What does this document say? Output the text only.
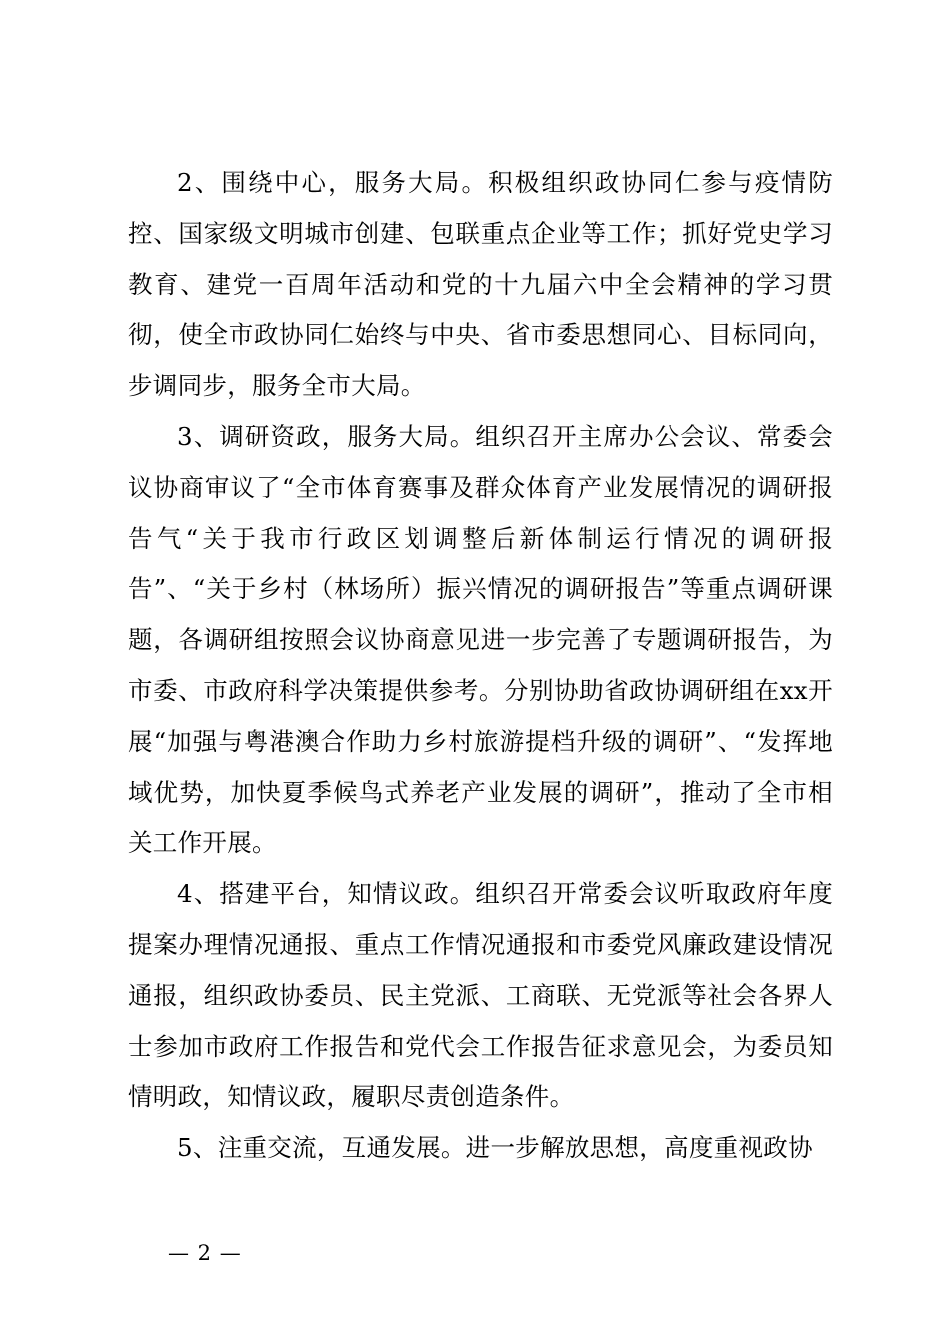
2、围绕中心，服务大局。积极组织政协同仁参与疫情防控、国家级文明城市创建、包联重点企业等工作；抓好党史学习教育、建党一百周年活动和党的十九届六中全会精神的学习贯彻，使全市政协同仁始终与中央、省市委思想同心、目标同向，步调同步，服务全市大局。

3、调研资政，服务大局。组织召开主席办公会议、常委会议协商审议了“全市体育赛事及群众体育产业发展情况的调研报告气“关于我市行政区划调整后新体制运行情况的调研报告”、“关于乡村（林场所）振兴情况的调研报告”等重点调研课题，各调研组按照会议协商意见进一步完善了专题调研报告，为市委、市政府科学决策提供参考。分别协助省政协调研组在xx开展“加强与粤港澳合作助力乡村旅游提档升级的调研”、“发挥地域优势，加快夏季候鸟式养老产业发展的调研”，推动了全市相关工作开展。

4、搭建平台，知情议政。组织召开常委会议听取政府年度提案办理情况通报、重点工作情况通报和市委党风廉政建设情况通报，组织政协委员、民主党派、工商联、无党派等社会各界人士参加市政府工作报告和党代会工作报告征求意见会，为委员知情明政，知情议政，履职尽责创造条件。

5、注重交流，互通发展。进一步解放思想，高度重视政协

— 2 —
